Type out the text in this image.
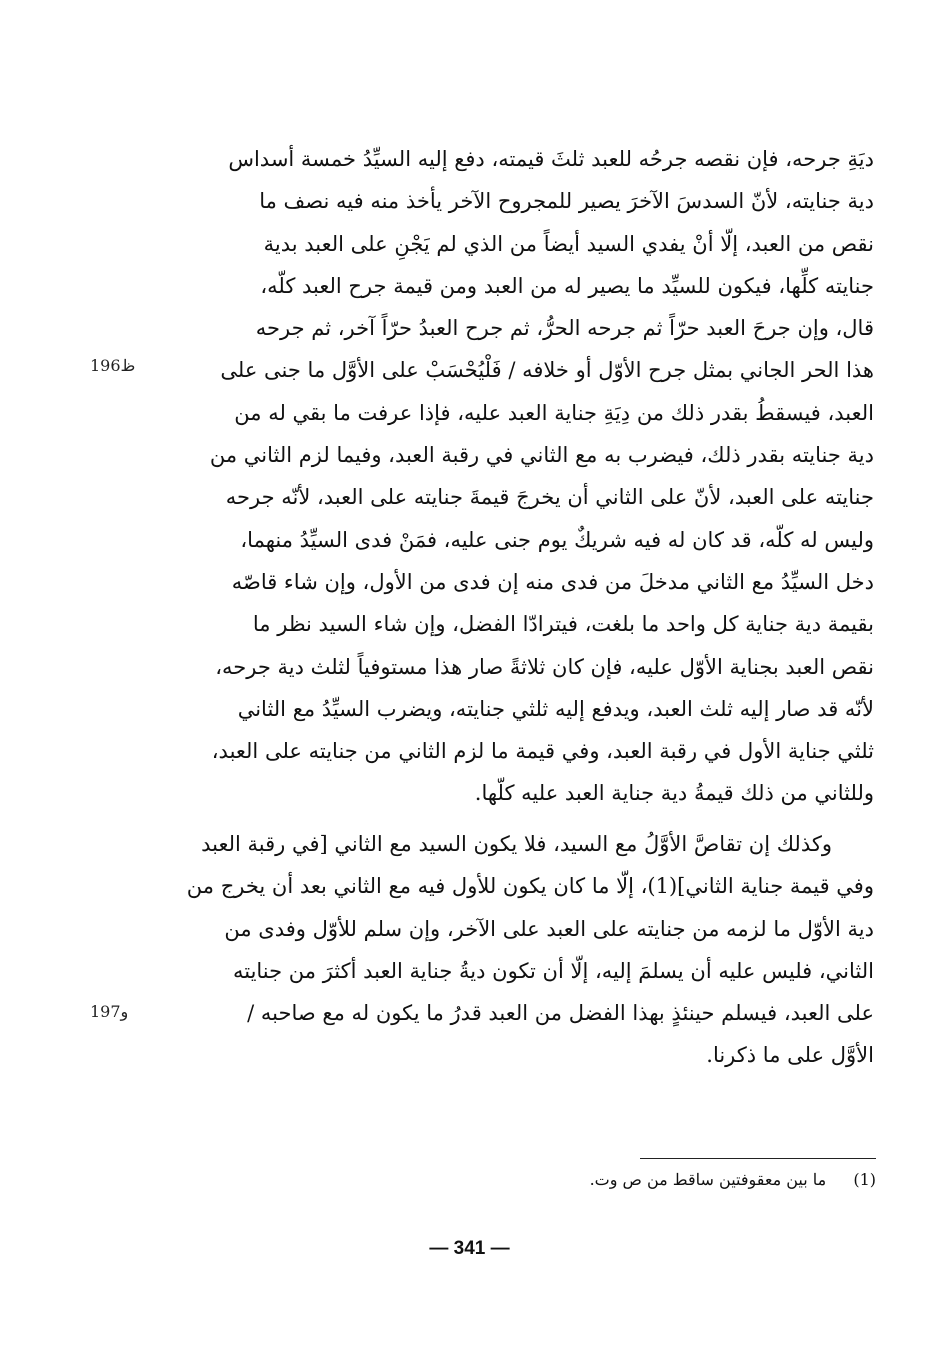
ديَةِ جرحه، فإن نقصه جرحُه للعبد ثلثَ قيمته، دفع إليه السيِّدُ خمسة أسداس
دية جنايته، لأنّ السدسَ الآخرَ يصير للمجروح الآخر يأخذ منه فيه نصف ما
نقص من العبد، إلّا أنْ يفدي السيد أيضاً من الذي لم يَجْنِ على العبد بدية
جنايته كلِّها، فيكون للسيِّد ما يصير له من العبد ومن قيمة جرح العبد كلّه،
قال، وإن جرحَ العبد حرّاً ثم جرحه الحرُّ، ثم جرح العبدُ حرّاً آخر، ثم جرحه
هذا الحر الجاني بمثل جرح الأوّل أو خلافه / فَلْيُحْسَبْ على الأوَّل ما جنى على
العبد، فيسقطُ بقدر ذلك من دِيَةِ جناية العبد عليه، فإذا عرفت ما بقي له من
دية جنايته بقدر ذلك، فيضرب به مع الثاني في رقبة العبد، وفيما لزم الثاني من
جنايته على العبد، لأنّ على الثاني أن يخرجَ قيمةَ جنايته على العبد، لأنّه جرحه
وليس له كلّه، قد كان له فيه شريكٌ يوم جنى عليه، فمَنْ فدى السيِّدُ منهما،
دخل السيِّدُ مع الثاني مدخلَ من فدى منه إن فدى من الأول، وإن شاء قاصّه
بقيمة دية جناية كل واحد ما بلغت، فيترادّا الفضل، وإن شاء السيد نظر ما
نقص العبد بجناية الأوّل عليه، فإن كان ثلاثةً صار هذا مستوفياً لثلث دية جرحه،
لأنّه قد صار إليه ثلث العبد، ويدفع إليه ثلثي جنايته، ويضرب السيِّدُ مع الثاني
ثلثي جناية الأول في رقبة العبد، وفي قيمة ما لزم الثاني من جنايته على العبد،
وللثاني من ذلك قيمةُ دية جناية العبد عليه كلّها.
وكذلك إن تقاصَّ الأوَّلُ مع السيد، فلا يكون السيد مع الثاني [في رقبة العبد
وفي قيمة جناية الثاني](1)، إلّا ما كان يكون للأول فيه مع الثاني بعد أن يخرج من
دية الأوّل ما لزمه من جنايته على العبد على الآخر، وإن سلم للأوّل وفدى من
الثاني، فليس عليه أن يسلمَ إليه، إلّا أن تكون ديةُ جناية العبد أكثرَ من جنايته
على العبد، فيسلم حينئذٍ بهذا الفضل من العبد قدرُ ما يكون له مع صاحبه /
الأوَّل على ما ذكرنا.
196ظ
197و
(1) ما بين معقوفتين ساقط من ص وت.
— 341 —
